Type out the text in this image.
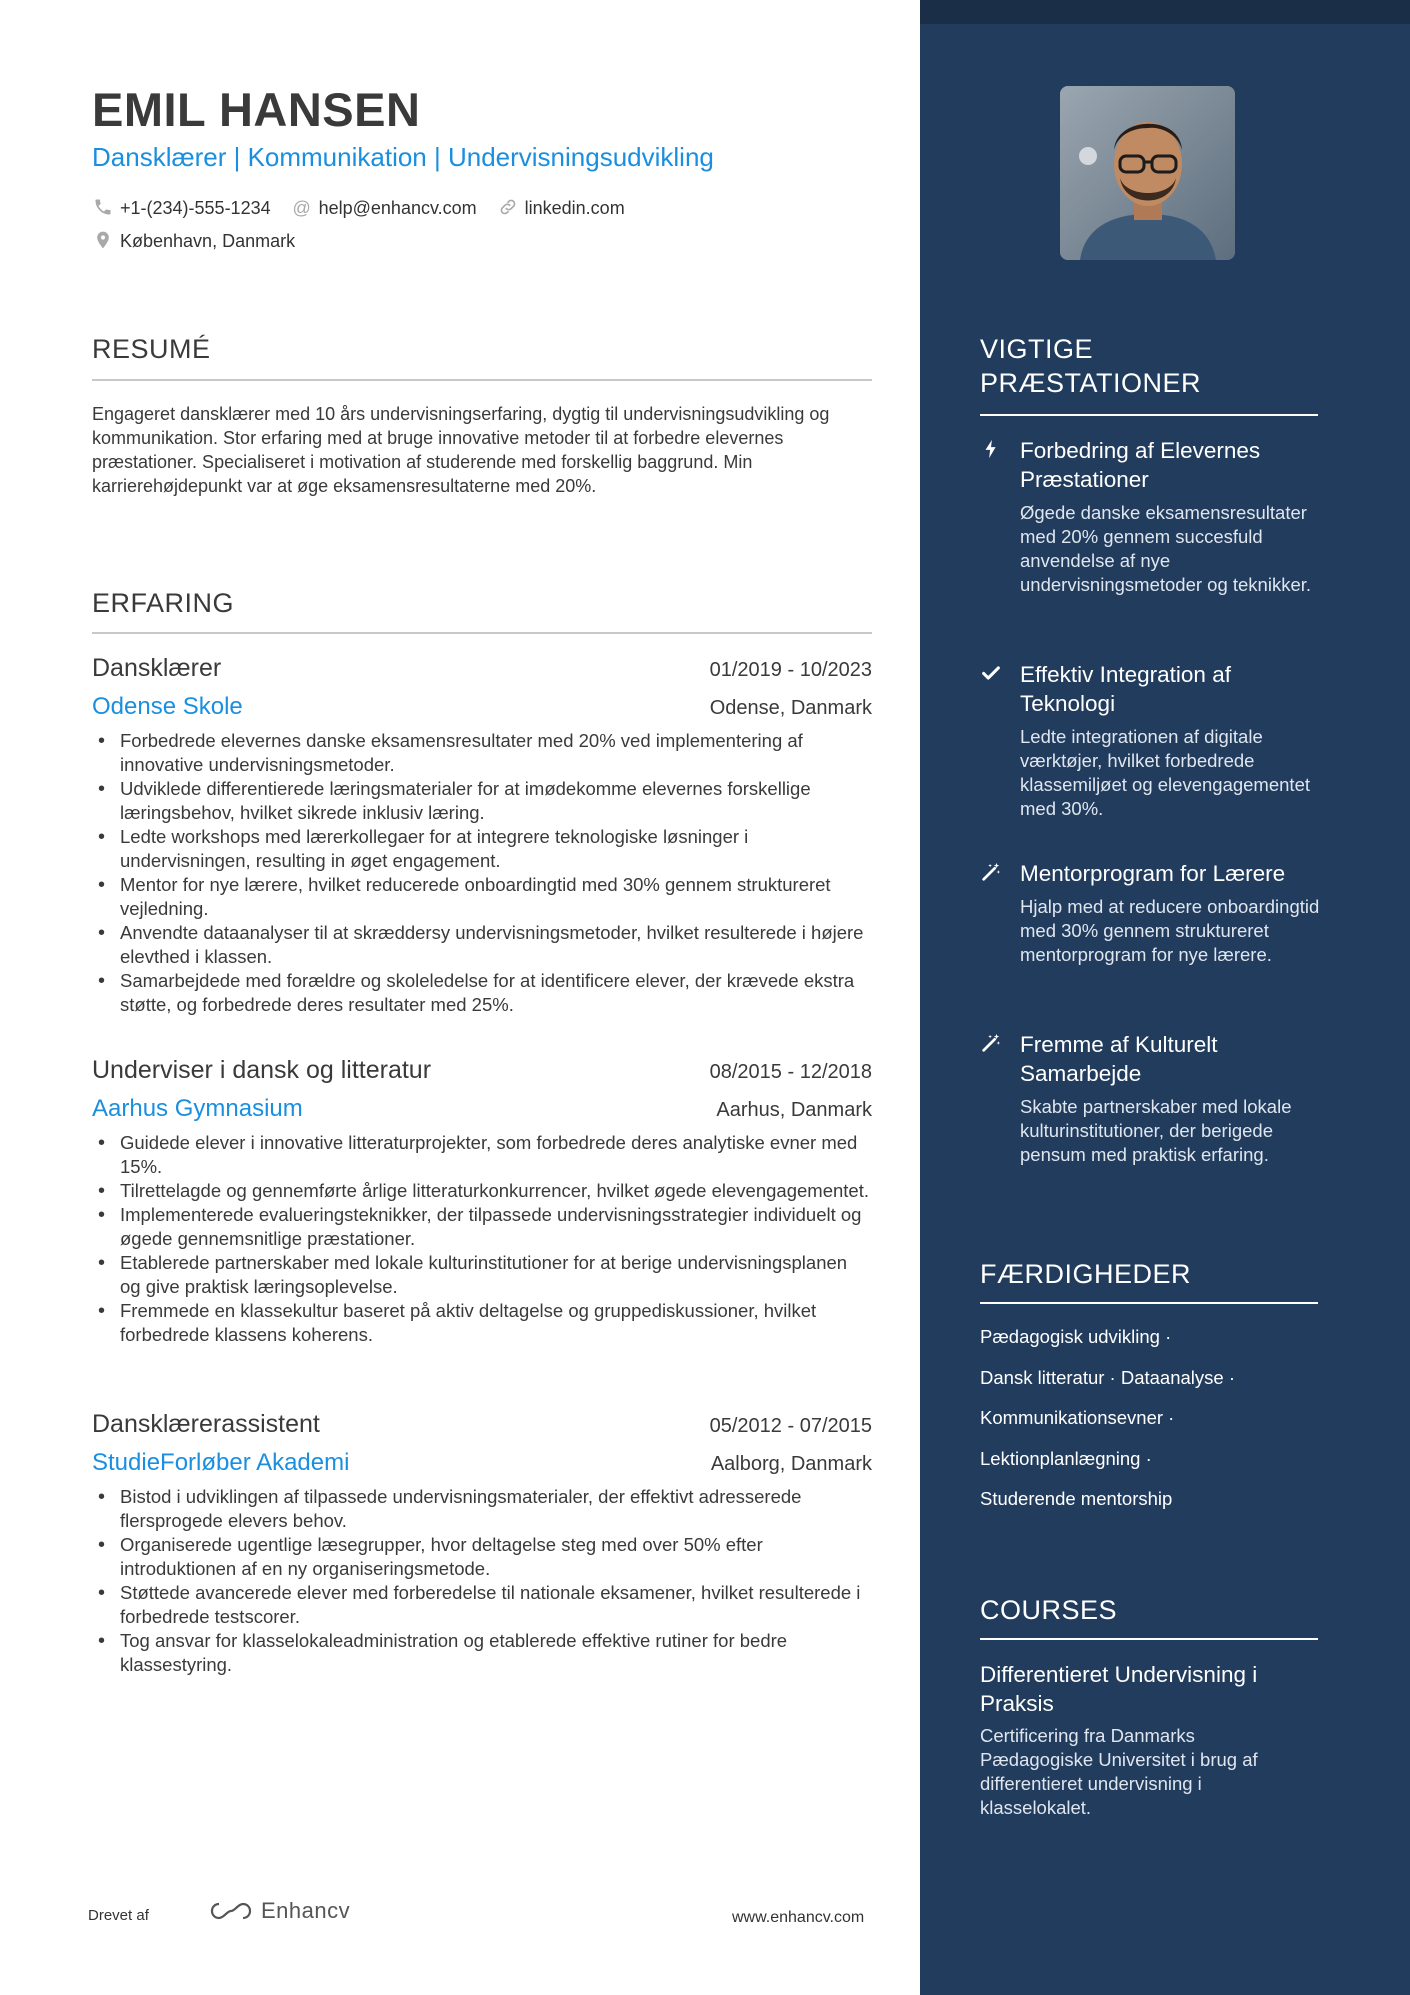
EMIL HANSEN
Dansklærer | Kommunikation | Undervisningsudvikling
+1-(234)-555-1234 @ help@enhancv.com	linkedin.com
København, Danmark
RESUMÉ
Engageret dansklærer med 10 års undervisningserfaring, dygtig til undervisningsudvikling og kommunikation. Stor erfaring med at bruge innovative metoder til at forbedre elevernes præstationer. Specialiseret i motivation af studerende med forskellig baggrund. Min karrierehøjdepunkt var at øge eksamensresultaterne med 20%.
ERFARING
Dansklærer	01/2019 - 10/2023
Odense Skole	Odense, Danmark
• Forbedrede elevernes danske eksamensresultater med 20% ved implementering af innovative undervisningsmetoder.
• Udviklede differentierede læringsmaterialer for at imødekomme elevernes forskellige læringsbehov, hvilket sikrede inklusiv læring.
• Ledte workshops med lærerkollegaer for at integrere teknologiske løsninger i undervisningen, resulting in øget engagement.
• Mentor for nye lærere, hvilket reducerede onboardingtid med 30% gennem struktureret vejledning.
• Anvendte dataanalyser til at skræddersy undervisningsmetoder, hvilket resulterede i højere elevthed i klassen.
• Samarbejdede med forældre og skoleledelse for at identificere elever, der krævede ekstra støtte, og forbedrede deres resultater med 25%.
Underviser i dansk og litteratur	08/2015 - 12/2018
Aarhus Gymnasium	Aarhus, Danmark
• Guidede elever i innovative litteraturprojekter, som forbedrede deres analytiske evner med 15%.
• Tilrettelagde og gennemførte årlige litteraturkonkurrencer, hvilket øgede elevengagementet.
• Implementerede evalueringsteknikker, der tilpassede undervisningsstrategier individuelt og øgede gennemsnitlige præstationer.
• Etablerede partnerskaber med lokale kulturinstitutioner for at berige undervisningsplanen og give praktisk læringsoplevelse.
• Fremmede en klassekultur baseret på aktiv deltagelse og gruppediskussioner, hvilket forbedrede klassens koherens.
Dansklærerassistent	05/2012 - 07/2015
StudieForløber Akademi	Aalborg, Danmark
• Bistod i udviklingen af tilpassede undervisningsmaterialer, der effektivt adresserede flersprogede elevers behov.
• Organiserede ugentlige læsegrupper, hvor deltagelse steg med over 50% efter introduktionen af en ny organiseringsmetode.
• Støttede avancerede elever med forberedelse til nationale eksamener, hvilket resulterede i forbedrede testscorer.
• Tog ansvar for klasselokaleadministration og etablerede effektive rutiner for bedre klassestyring.
Drevet af	Enhancv	www.enhancv.com
VIGTIGE PRÆSTATIONER
Forbedring af Elevernes Præstationer
Øgede danske eksamensresultater med 20% gennem succesfuld anvendelse af nye undervisningsmetoder og teknikker.
Effektiv Integration af Teknologi
Ledte integrationen af digitale værktøjer, hvilket forbedrede klassemiljøet og elevengagementet med 30%.
Mentorprogram for Lærere
Hjalp med at reducere onboardingtid med 30% gennem struktureret mentorprogram for nye lærere.
Fremme af Kulturelt Samarbejde
Skabte partnerskaber med lokale kulturinstitutioner, der berigede pensum med praktisk erfaring.
FÆRDIGHEDER
Pædagogisk udvikling ·
Dansk litteratur · Dataanalyse ·
Kommunikationsevner ·
Lektionplanlægning ·
Studerende mentorship
COURSES
Differentieret Undervisning i Praksis
Certificering fra Danmarks Pædagogiske Universitet i brug af differentieret undervisning i klasselokalet.
